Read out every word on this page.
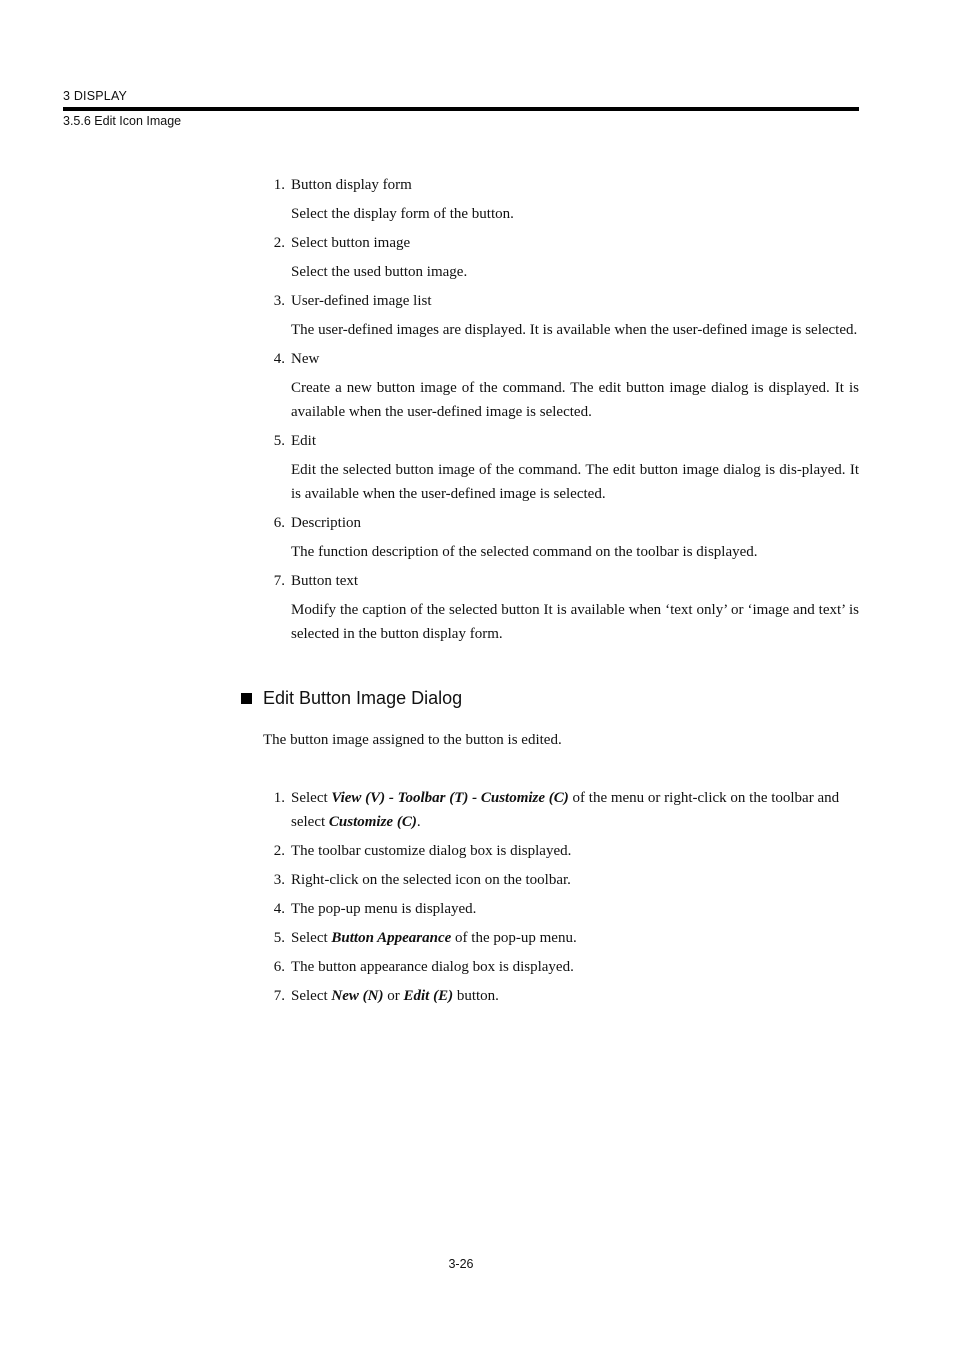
3 DISPLAY
3.5.6 Edit Icon Image
1. Button display form
Select the display form of the button.
2. Select button image
Select the used button image.
3. User-defined image list
The user-defined images are displayed. It is available when the user-defined image is selected.
4. New
Create a new button image of the command. The edit button image dialog is displayed. It is available when the user-defined image is selected.
5. Edit
Edit the selected button image of the command. The edit button image dialog is dis-played. It is available when the user-defined image is selected.
6. Description
The function description of the selected command on the toolbar is displayed.
7. Button text
Modify the caption of the selected button It is available when ‘text only’ or ‘image and text’ is selected in the button display form.
Edit Button Image Dialog
The button image assigned to the button is edited.
1. Select View (V) - Toolbar (T) - Customize (C) of the menu or right-click on the toolbar and select Customize (C).
2. The toolbar customize dialog box is displayed.
3. Right-click on the selected icon on the toolbar.
4. The pop-up menu is displayed.
5. Select Button Appearance of the pop-up menu.
6. The button appearance dialog box is displayed.
7. Select New (N) or Edit (E) button.
3-26
